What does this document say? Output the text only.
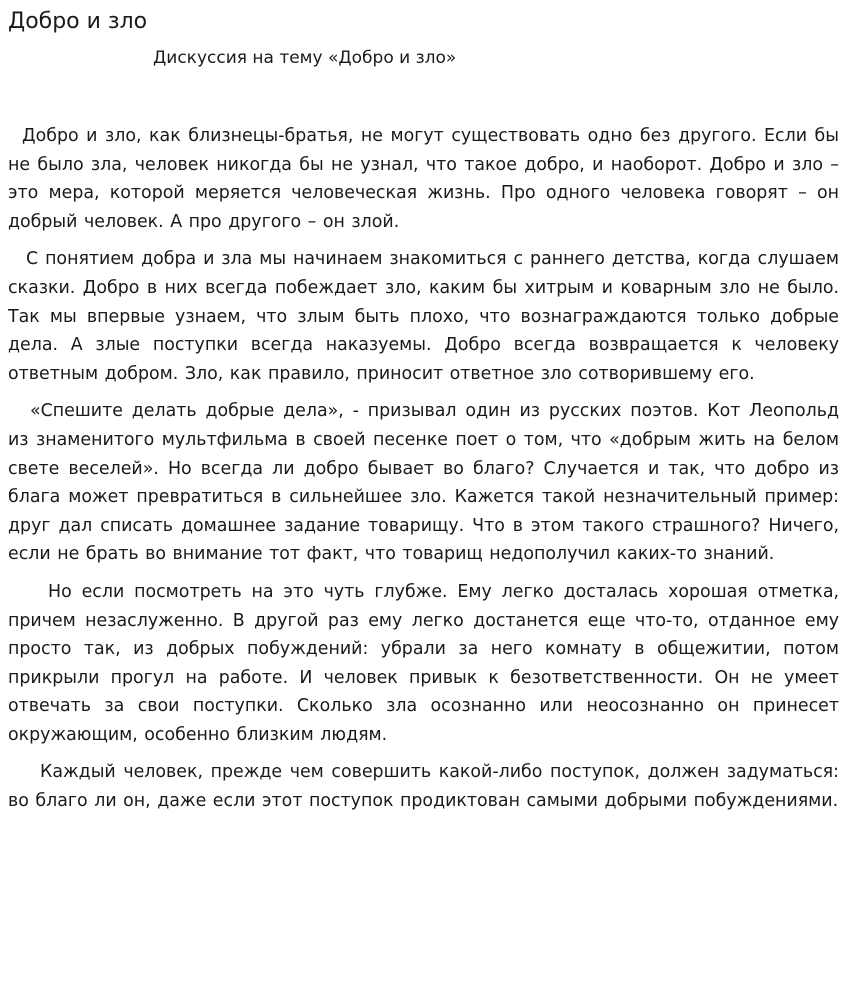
Добро и зло
Дискуссия на тему «Добро и зло»

Добро и зло, как близнецы-братья, не могут существовать одно без другого. Если бы не было зла, человек никогда бы не узнал, что такое добро, и наоборот. Добро и зло – это мера, которой меряется человеческая жизнь. Про одного человека говорят – он добрый человек. А про другого – он злой.

С понятием добра и зла мы начинаем знакомиться с раннего детства, когда слушаем сказки. Добро в них всегда побеждает зло, каким бы хитрым и коварным зло не было. Так мы впервые узнаем, что злым быть плохо, что вознаграждаются только добрые дела. А злые поступки всегда наказуемы. Добро всегда возвращается к человеку ответным добром. Зло, как правило, приносит ответное зло сотворившему его.

«Спешите делать добрые дела», - призывал один из русских поэтов. Кот Леопольд из знаменитого мультфильма в своей песенке поет о том, что «добрым жить на белом свете веселей». Но всегда ли добро бывает во благо? Случается и так, что добро из блага может превратиться в сильнейшее зло. Кажется такой незначительный пример: друг дал списать домашнее задание товарищу. Что в этом такого страшного? Ничего, если не брать во внимание тот факт, что товарищ недополучил каких-то знаний.

Но если посмотреть на это чуть глубже. Ему легко досталась хорошая отметка, причем незаслуженно. В другой раз ему легко достанется еще что-то, отданное ему просто так, из добрых побуждений: убрали за него комнату в общежитии, потом прикрыли прогул на работе. И человек привык к безответственности. Он не умеет отвечать за свои поступки. Сколько зла осознанно или неосознанно он принесет окружающим, особенно близким людям.

Каждый человек, прежде чем совершить какой-либо поступок, должен задуматься: во благо ли он, даже если этот поступок продиктован самыми добрыми побуждениями.
